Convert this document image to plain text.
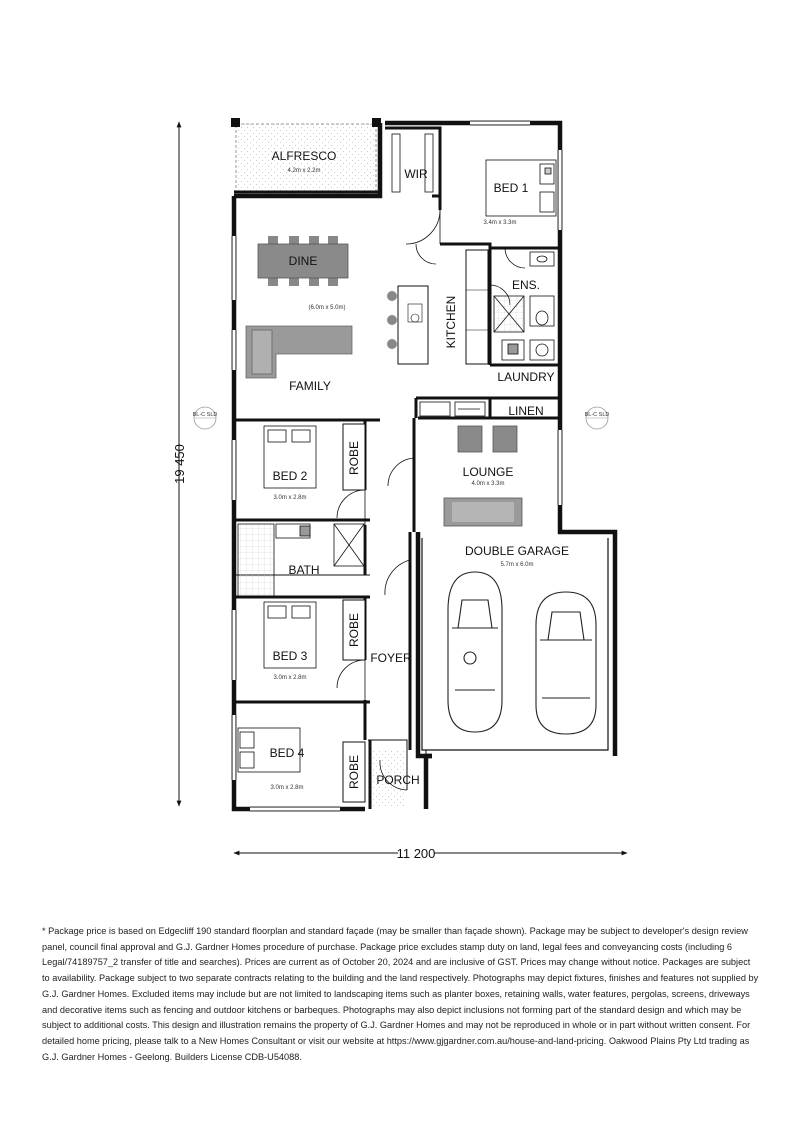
19 450
11 200
BL-C SLD	BL-C SLD
ALFRESCO
4.2m x 2.2m	WIR
BED 1
3.4m x 3.3m
DINE
(6.0m x 5.0m)
FAMILY
KITCHEN
ENS.
LAUNDRY
LINEN
BED 2
3.0m x 2.8m
ROBE	LOUNGE
4.0m x 3.3m
BATH
DOUBLE GARAGE
5.7m x 6.0m
BED 3
3.0m x 2.8m
ROBE
FOYER
BED 4
3.0m x 2.8m	ROBE PORCH

* Package price is based on Edgecliff 190 standard floorplan and standard façade (may be smaller than façade shown). Package may be subject to developer's design review panel, council final approval and G.J. Gardner Homes procedure of purchase. Package price excludes stamp duty on land, legal fees and conveyancing costs (including 6 Legal/74189757_2 transfer of title and searches). Prices are current as of October 20, 2024 and are inclusive of GST. Prices may change without notice. Packages are subject to availability. Package subject to two separate contracts relating to the building and the land respectively. Photographs may depict fixtures, finishes and features not supplied by G.J. Gardner Homes. Excluded items may include but are not limited to landscaping items such as planter boxes, retaining walls, water features, pergolas, screens, driveways and decorative items such as fencing and outdoor kitchens or barbeques. Photographs may also depict inclusions not forming part of the standard design and which may be subject to additional costs. This design and illustration remains the property of G.J. Gardner Homes and may not be reproduced in whole or in part without written consent. For detailed home pricing, please talk to a New Homes Consultant or visit our website at https://www.gjgardner.com.au/house-and-land-pricing. Oakwood Plains Pty Ltd trading as G.J. Gardner Homes - Geelong. Builders License CDB-U54088.
